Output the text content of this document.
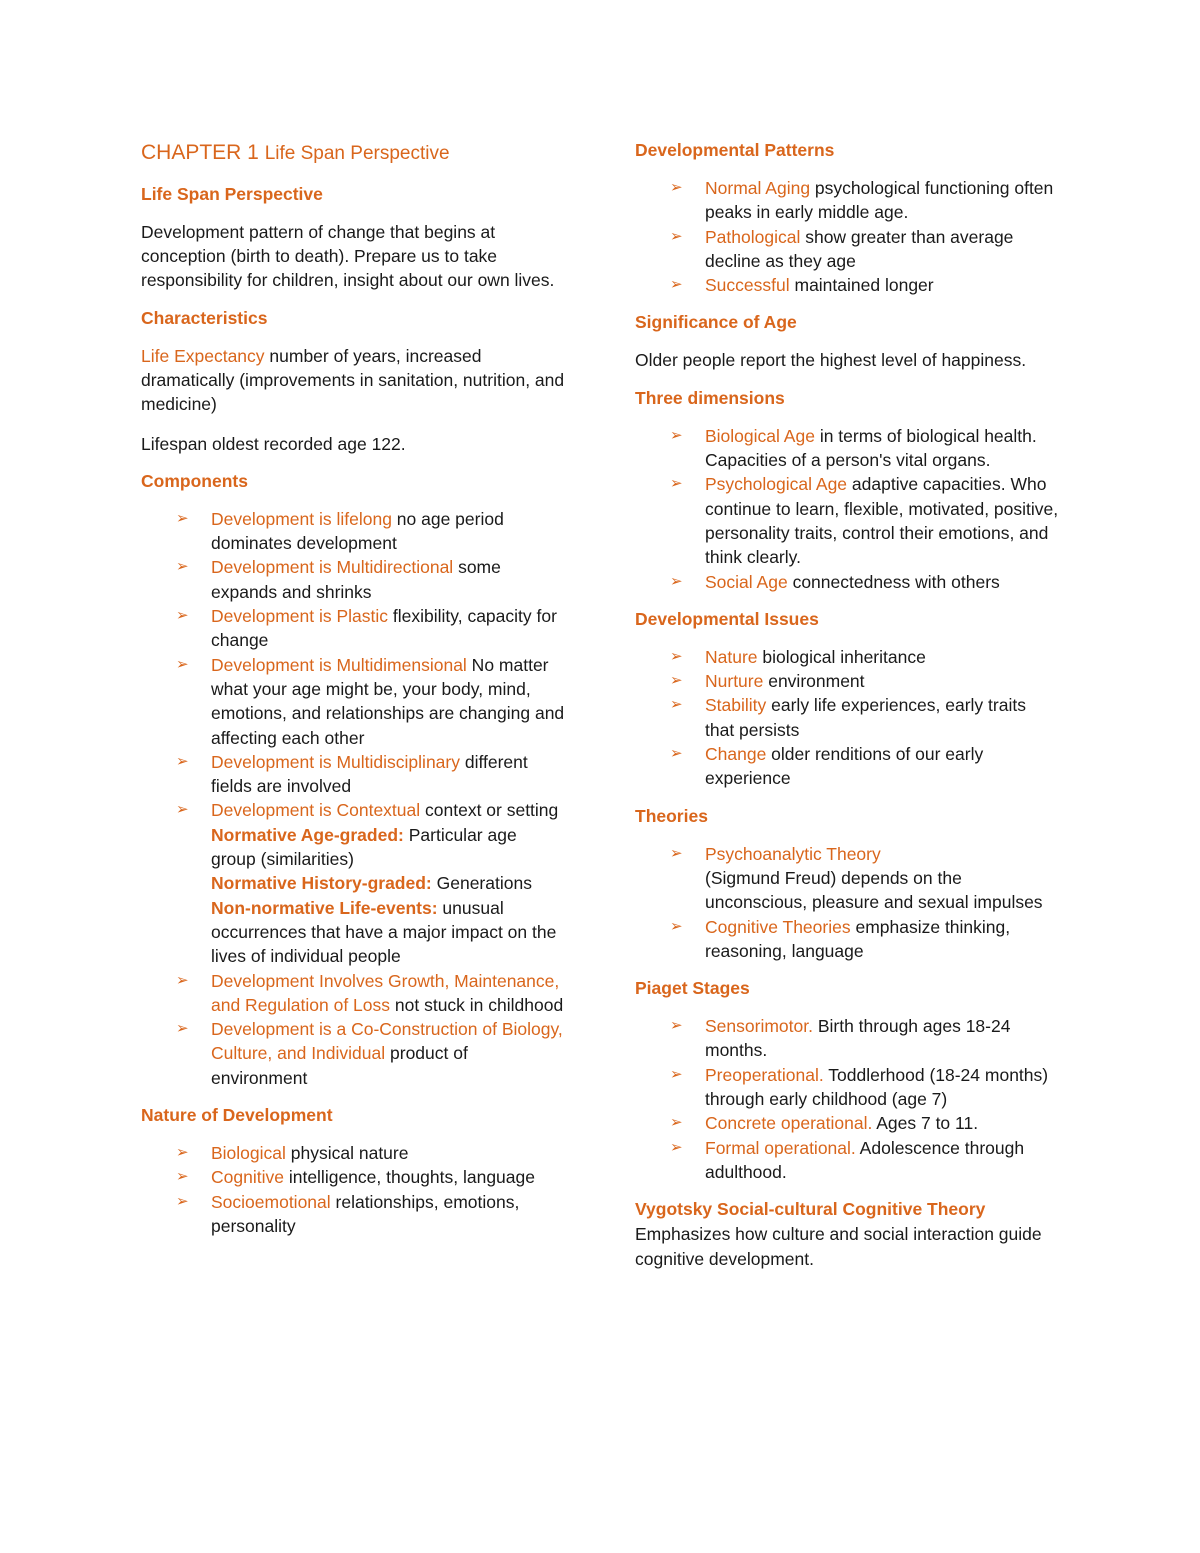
CHAPTER 1 Life Span Perspective
Life Span Perspective

Development pattern of change that begins at conception (birth to death). Prepare us to take responsibility for children, insight about our own lives.

Characteristics

Life Expectancy number of years, increased dramatically (improvements in sanitation, nutrition, and medicine)

Lifespan oldest recorded age 122.

Components
➢ Development is lifelong no age period dominates development
➢ Development is Multidirectional some expands and shrinks
➢ Development is Plastic flexibility, capacity for change
➢ Development is Multidimensional No matter what your age might be, your body, mind, emotions, and relationships are changing and affecting each other
➢ Development is Multidisciplinary different fields are involved
➢ Development is Contextual context or setting
Normative Age-graded: Particular age group (similarities)
Normative History-graded: Generations
Non-normative Life-events: unusual occurrences that have a major impact on the lives of individual people
➢ Development Involves Growth, Maintenance, and Regulation of Loss not stuck in childhood
➢ Development is a Co-Construction of Biology, Culture, and Individual product of environment
Nature of Development
➢ Biological physical nature
➢ Cognitive intelligence, thoughts, language
➢ Socioemotional relationships, emotions, personality
Developmental Patterns
➢ Normal Aging psychological functioning often peaks in early middle age.
➢ Pathological show greater than average decline as they age
➢ Successful maintained longer
Significance of Age

Older people report the highest level of happiness.

Three dimensions
➢ Biological Age in terms of biological health. Capacities of a person's vital organs.
➢ Psychological Age adaptive capacities. Who continue to learn, flexible, motivated, positive, personality traits, control their emotions, and think clearly.
➢ Social Age connectedness with others
Developmental Issues
➢ Nature biological inheritance
➢ Nurture environment
➢ Stability early life experiences, early traits that persists
➢ Change older renditions of our early experience
Theories
➢ Psychoanalytic Theory
(Sigmund Freud) depends on the unconscious, pleasure and sexual impulses
➢ Cognitive Theories emphasize thinking, reasoning, language
Piaget Stages
➢ Sensorimotor. Birth through ages 18-24 months.
➢ Preoperational. Toddlerhood (18-24 months) through early childhood (age 7)
➢ Concrete operational. Ages 7 to 11.
➢ Formal operational. Adolescence through adulthood.
Vygotsky Social-cultural Cognitive Theory

Emphasizes how culture and social interaction guide cognitive development.
